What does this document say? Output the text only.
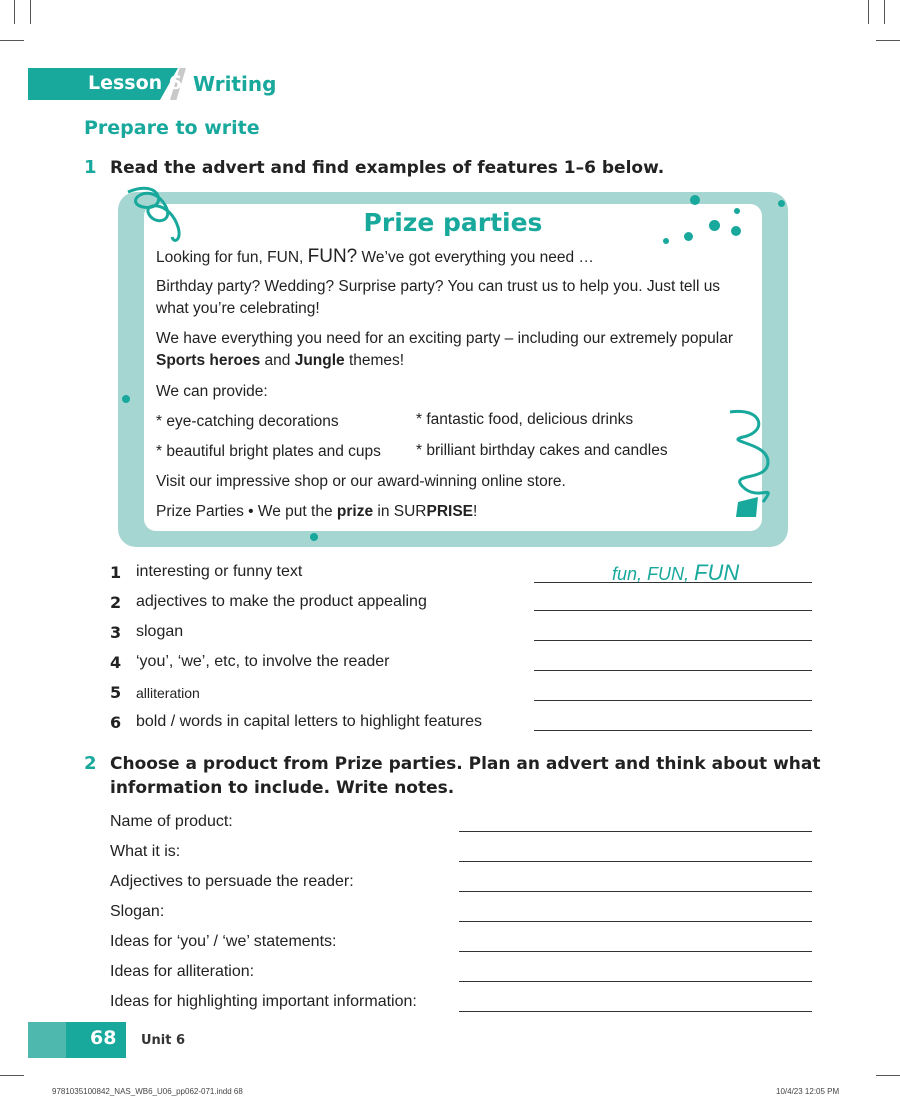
Lesson 6 Writing
Prepare to write
1 Read the advert and find examples of features 1–6 below.
Prize parties
Looking for fun, FUN, FUN? We’ve got everything you need …
Birthday party? Wedding? Surprise party? You can trust us to help you. Just tell us what you’re celebrating!
We have everything you need for an exciting party – including our extremely popular Sports heroes and Jungle themes!
We can provide:
* eye-catching decorations	* fantastic food, delicious drinks
* beautiful bright plates and cups * brilliant birthday cakes and candles
Visit our impressive shop or our award-winning online store.
Prize Parties • We put the prize in SURPRISE!
1 interesting or funny text	fun, FUN, FUN
2 adjectives to make the product appealing
3 slogan
4 ‘you’, ‘we’, etc, to involve the reader
5 alliteration
6 bold / words in capital letters to highlight features
2 Choose a product from Prize parties. Plan an advert and think about what
information to include. Write notes.
Name of product:
What it is:
Adjectives to persuade the reader:
Slogan:
Ideas for ‘you’ / ‘we’ statements:
Ideas for alliteration:
Ideas for highlighting important information:
68 Unit 6
9781035100842_NAS_WB6_U06_pp062-071.indd 68	10/4/23 12:05 PM
